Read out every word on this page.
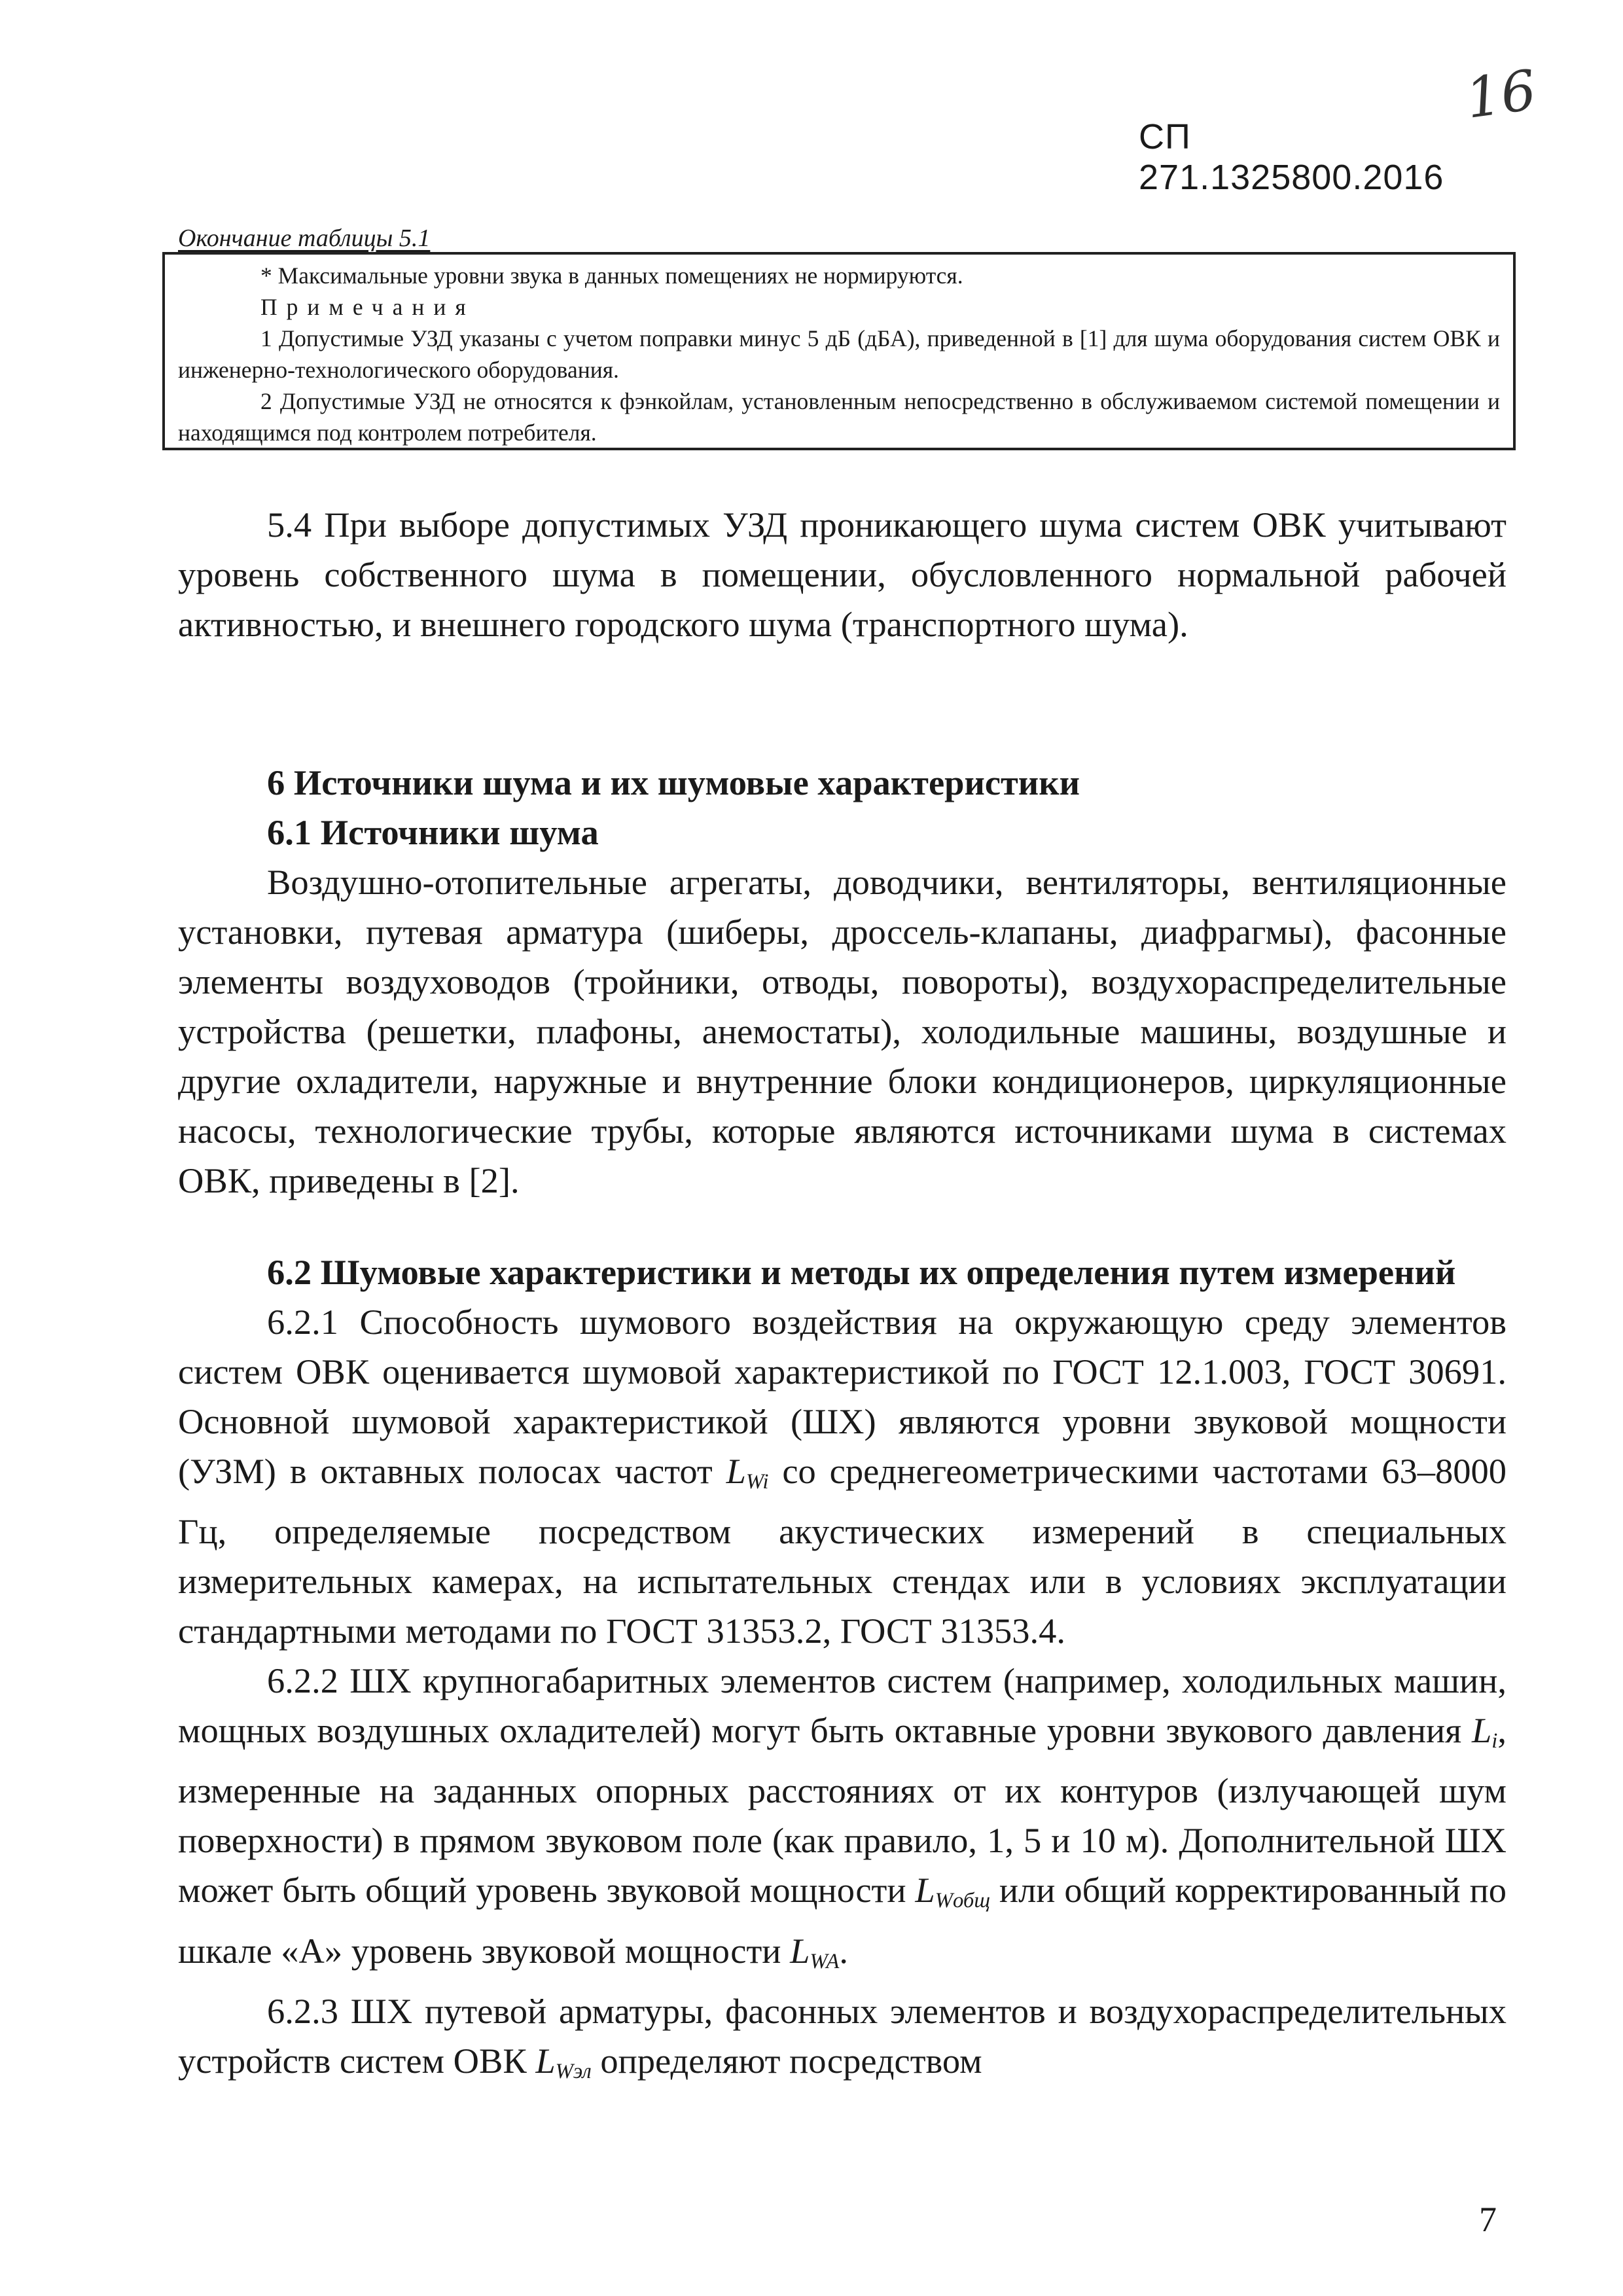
16
СП 271.1325800.2016
Окончание таблицы 5.1

* Максимальные уровни звука в данных помещениях не нормируются.

Примечания

1 Допустимые УЗД указаны с учетом поправки минус 5 дБ (дБА), приведенной в [1] для шума оборудования систем ОВК и инженерно-технологического оборудования.

2 Допустимые УЗД не относятся к фэнкойлам, установленным непосредственно в обслуживаемом системой помещении и находящимся под контролем потребителя.

5.4 При выборе допустимых УЗД проникающего шума систем ОВК учитывают уровень собственного шума в помещении, обусловленного нормальной рабочей активностью, и внешнего городского шума (транспортного шума).

6 Источники шума и их шумовые характеристики
6.1 Источники шума

Воздушно-отопительные агрегаты, доводчики, вентиляторы, вентиляционные установки, путевая арматура (шиберы, дроссель-клапаны, диафрагмы), фасонные элементы воздуховодов (тройники, отводы, повороты), воздухораспределительные устройства (решетки, плафоны, анемостаты), холодильные машины, воздушные и другие охладители, наружные и внутренние блоки кондиционеров, циркуляционные насосы, технологические трубы, которые являются источниками шума в системах ОВК, приведены в [2].

6.2 Шумовые характеристики и методы их определения путем измерений

6.2.1 Способность шумового воздействия на окружающую среду элементов систем ОВК оценивается шумовой характеристикой по ГОСТ 12.1.003, ГОСТ 30691. Основной шумовой характеристикой (ШХ) являются уровни звуковой мощности (УЗМ) в октавных полосах частот $L_{Wi}$ со среднегеометрическими частотами 63–8000 Гц, определяемые посредством акустических измерений в специальных измерительных камерах, на испытательных стендах или в условиях эксплуатации стандартными методами по ГОСТ 31353.2, ГОСТ 31353.4.

6.2.2 ШХ крупногабаритных элементов систем (например, холодильных машин, мощных воздушных охладителей) могут быть октавные уровни звукового давления $L_i$, измеренные на заданных опорных расстояниях от их контуров (излучающей шум поверхности) в прямом звуковом поле (как правило, 1, 5 и 10 м). Дополнительной ШХ может быть общий уровень звуковой мощности $L_{Wобщ}$ или общий корректированный по шкале «А» уровень звуковой мощности $L_{WA}$.

6.2.3 ШХ путевой арматуры, фасонных элементов и воздухораспределительных устройств систем ОВК $L_{Wэл}$ определяют посредством

7
